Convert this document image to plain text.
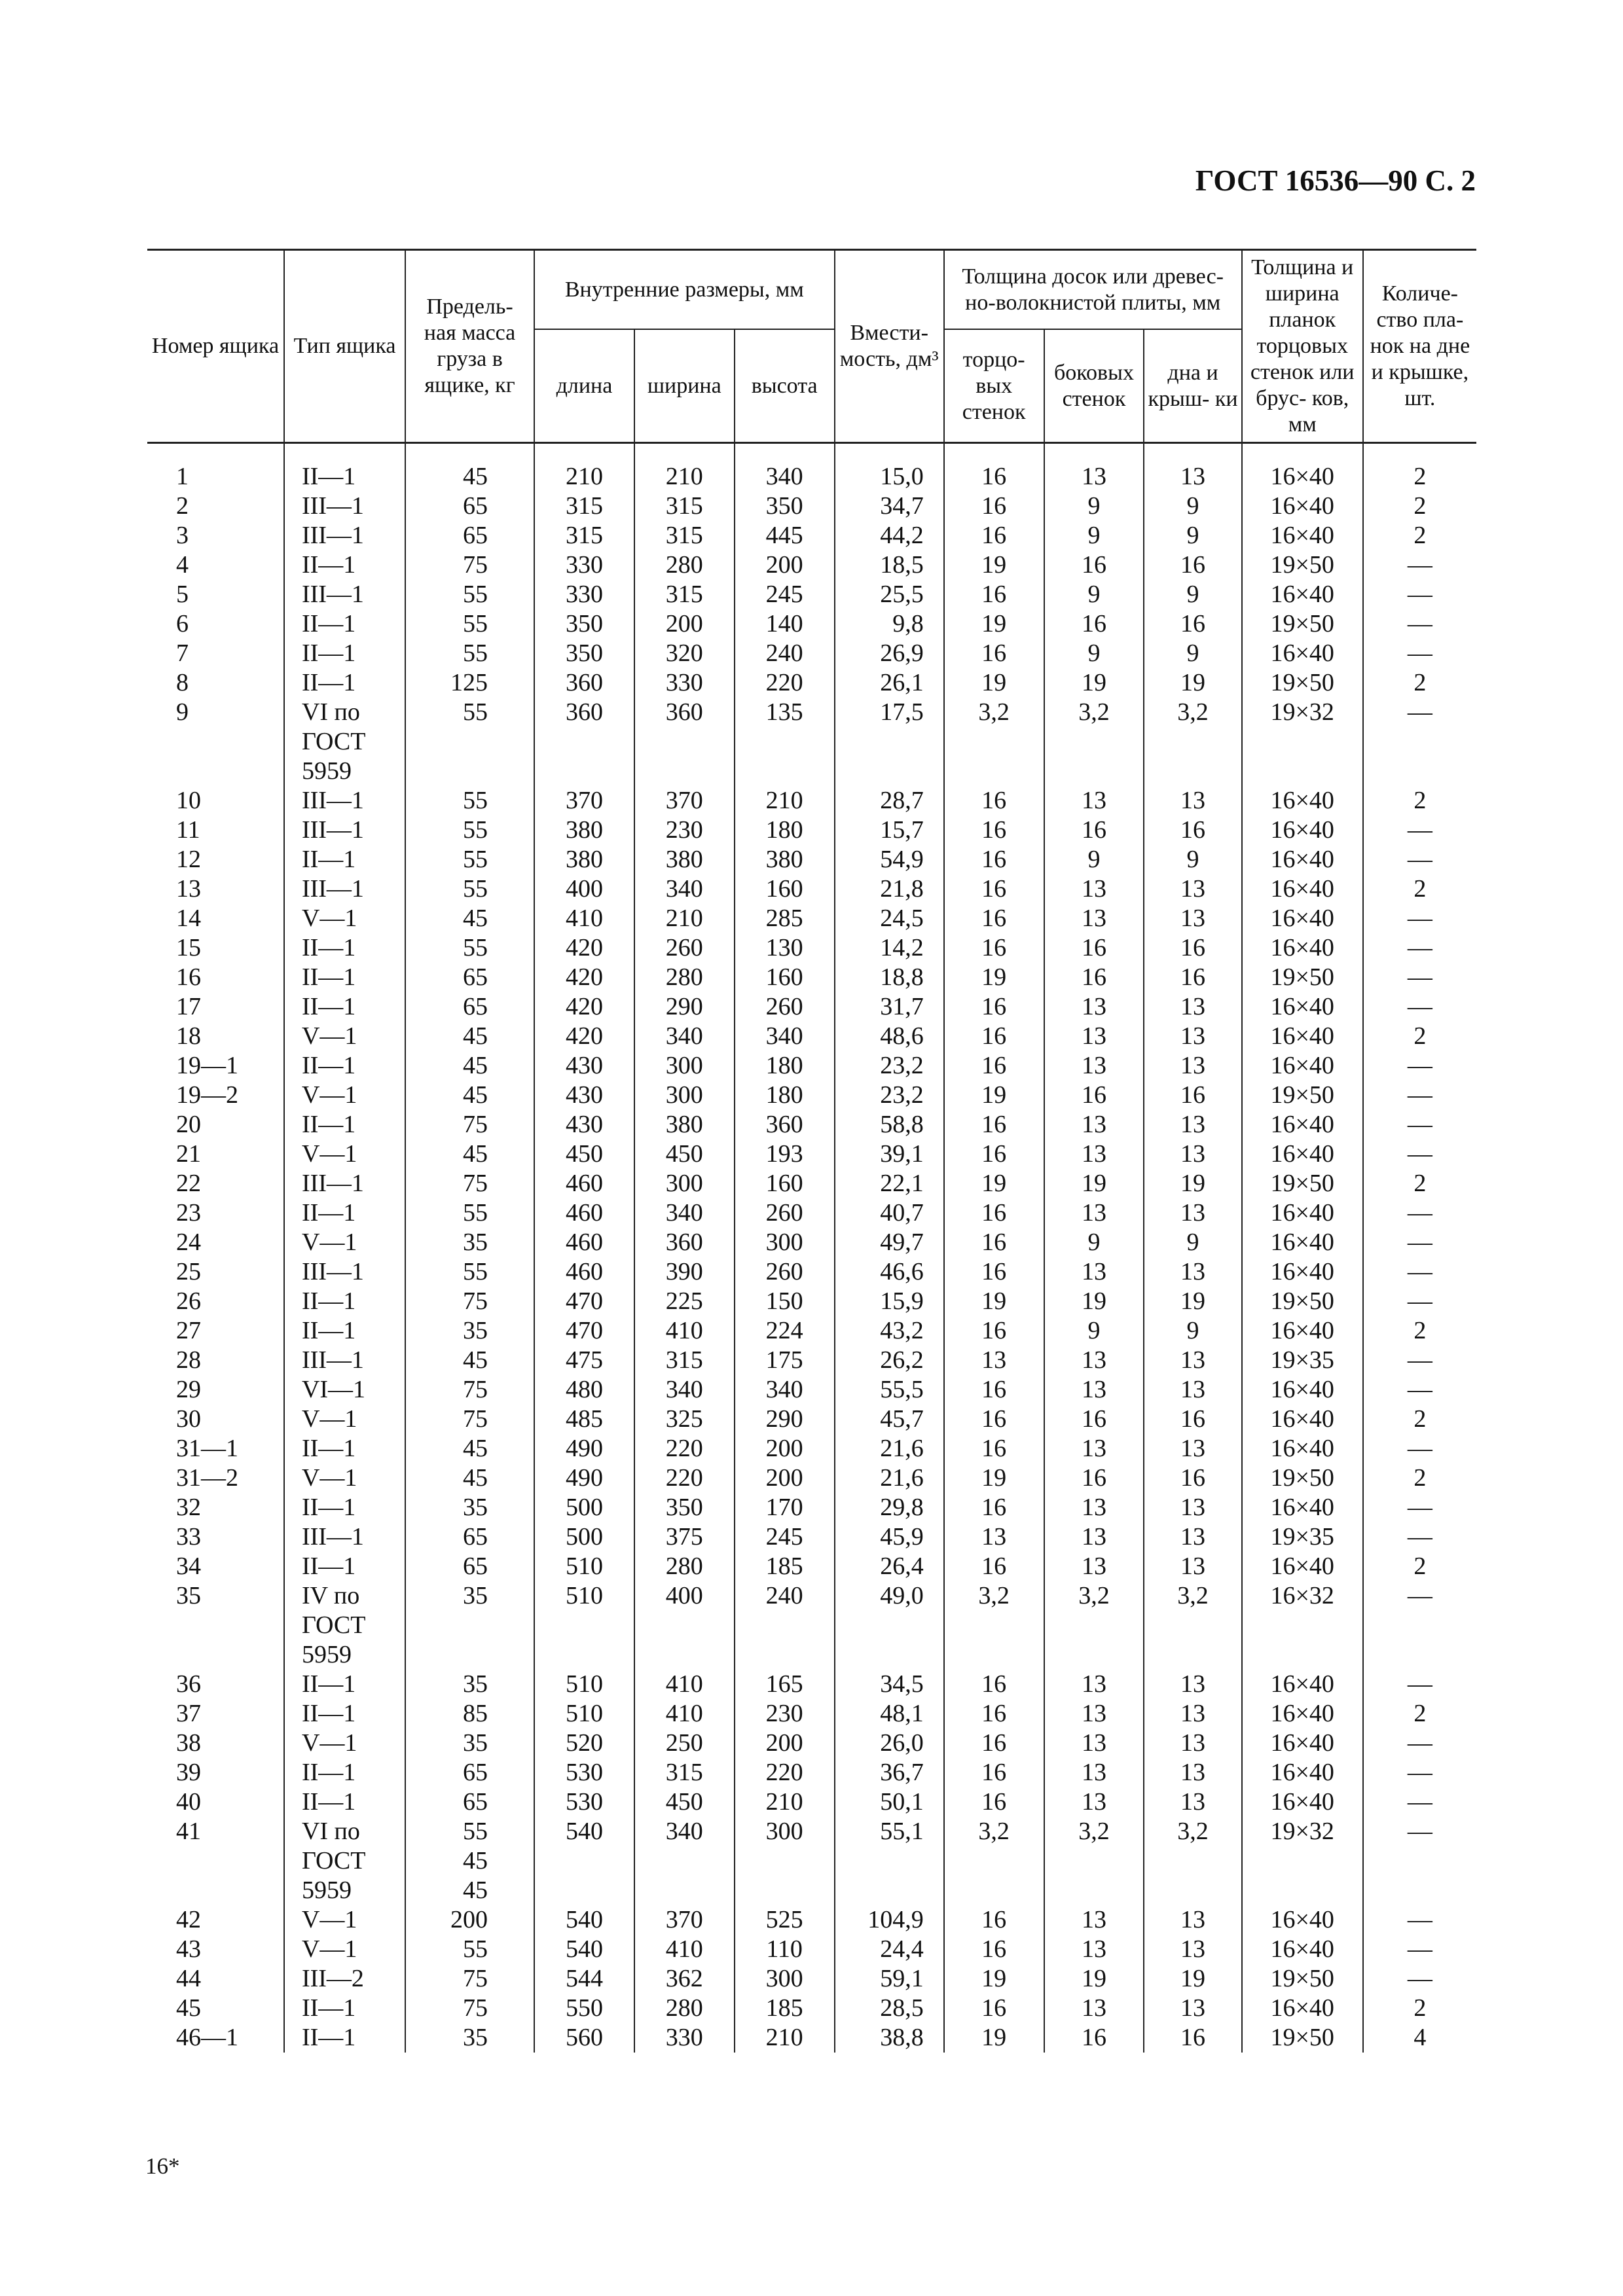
ГОСТ 16536—90 С. 2
Номер ящика	Тип ящика	Предель- ная масса груза в ящике, кг	Внутренние размеры, мм			Вмести- мость, дм³	Толщина досок или древес- но-волокнистой плиты, мм			Толщина и ширина планок торцовых стенок или брус- ков, мм	Количе- ство пла- нок на дне и крышке, шт.
			длина	ширина	высота		торцо- вых стенок	боковых стенок	дна и крыш- ки		

1	II—1	45	210	210	340	15,0	16	13	13	16×40	2
2	III—1	65	315	315	350	34,7	16	9	9	16×40	2
3	III—1	65	315	315	445	44,2	16	9	9	16×40	2
4	II—1	75	330	280	200	18,5	19	16	16	19×50	—
5	III—1	55	330	315	245	25,5	16	9	9	16×40	—
6	II—1	55	350	200	140	9,8	19	16	16	19×50	—
7	II—1	55	350	320	240	26,9	16	9	9	16×40	—
8	II—1	125	360	330	220	26,1	19	19	19	19×50	2
9	VI по	55	360	360	135	17,5	3,2	3,2	3,2	19×32	—
	ГОСТ										
	5959										
10	III—1	55	370	370	210	28,7	16	13	13	16×40	2
11	III—1	55	380	230	180	15,7	16	16	16	16×40	—
12	II—1	55	380	380	380	54,9	16	9	9	16×40	—
13	III—1	55	400	340	160	21,8	16	13	13	16×40	2
14	V—1	45	410	210	285	24,5	16	13	13	16×40	—
15	II—1	55	420	260	130	14,2	16	16	16	16×40	—
16	II—1	65	420	280	160	18,8	19	16	16	19×50	—
17	II—1	65	420	290	260	31,7	16	13	13	16×40	—
18	V—1	45	420	340	340	48,6	16	13	13	16×40	2
19—1	II—1	45	430	300	180	23,2	16	13	13	16×40	—
19—2	V—1	45	430	300	180	23,2	19	16	16	19×50	—
20	II—1	75	430	380	360	58,8	16	13	13	16×40	—
21	V—1	45	450	450	193	39,1	16	13	13	16×40	—
22	III—1	75	460	300	160	22,1	19	19	19	19×50	2
23	II—1	55	460	340	260	40,7	16	13	13	16×40	—
24	V—1	35	460	360	300	49,7	16	9	9	16×40	—
25	III—1	55	460	390	260	46,6	16	13	13	16×40	—
26	II—1	75	470	225	150	15,9	19	19	19	19×50	—
27	II—1	35	470	410	224	43,2	16	9	9	16×40	2
28	III—1	45	475	315	175	26,2	13	13	13	19×35	—
29	VI—1	75	480	340	340	55,5	16	13	13	16×40	—
30	V—1	75	485	325	290	45,7	16	16	16	16×40	2
31—1	II—1	45	490	220	200	21,6	16	13	13	16×40	—
31—2	V—1	45	490	220	200	21,6	19	16	16	19×50	2
32	II—1	35	500	350	170	29,8	16	13	13	16×40	—
33	III—1	65	500	375	245	45,9	13	13	13	19×35	—
34	II—1	65	510	280	185	26,4	16	13	13	16×40	2
35	IV по	35	510	400	240	49,0	3,2	3,2	3,2	16×32	—
	ГОСТ										
	5959										
36	II—1	35	510	410	165	34,5	16	13	13	16×40	—
37	II—1	85	510	410	230	48,1	16	13	13	16×40	2
38	V—1	35	520	250	200	26,0	16	13	13	16×40	—
39	II—1	65	530	315	220	36,7	16	13	13	16×40	—
40	II—1	65	530	450	210	50,1	16	13	13	16×40	—
41	VI по	55	540	340	300	55,1	3,2	3,2	3,2	19×32	—
	ГОСТ	45									
	5959	45									
42	V—1	200	540	370	525	104,9	16	13	13	16×40	—
43	V—1	55	540	410	110	24,4	16	13	13	16×40	—
44	III—2	75	544	362	300	59,1	19	19	19	19×50	—
45	II—1	75	550	280	185	28,5	16	13	13	16×40	2
46—1	II—1	35	560	330	210	38,8	19	16	16	19×50	4
16*
